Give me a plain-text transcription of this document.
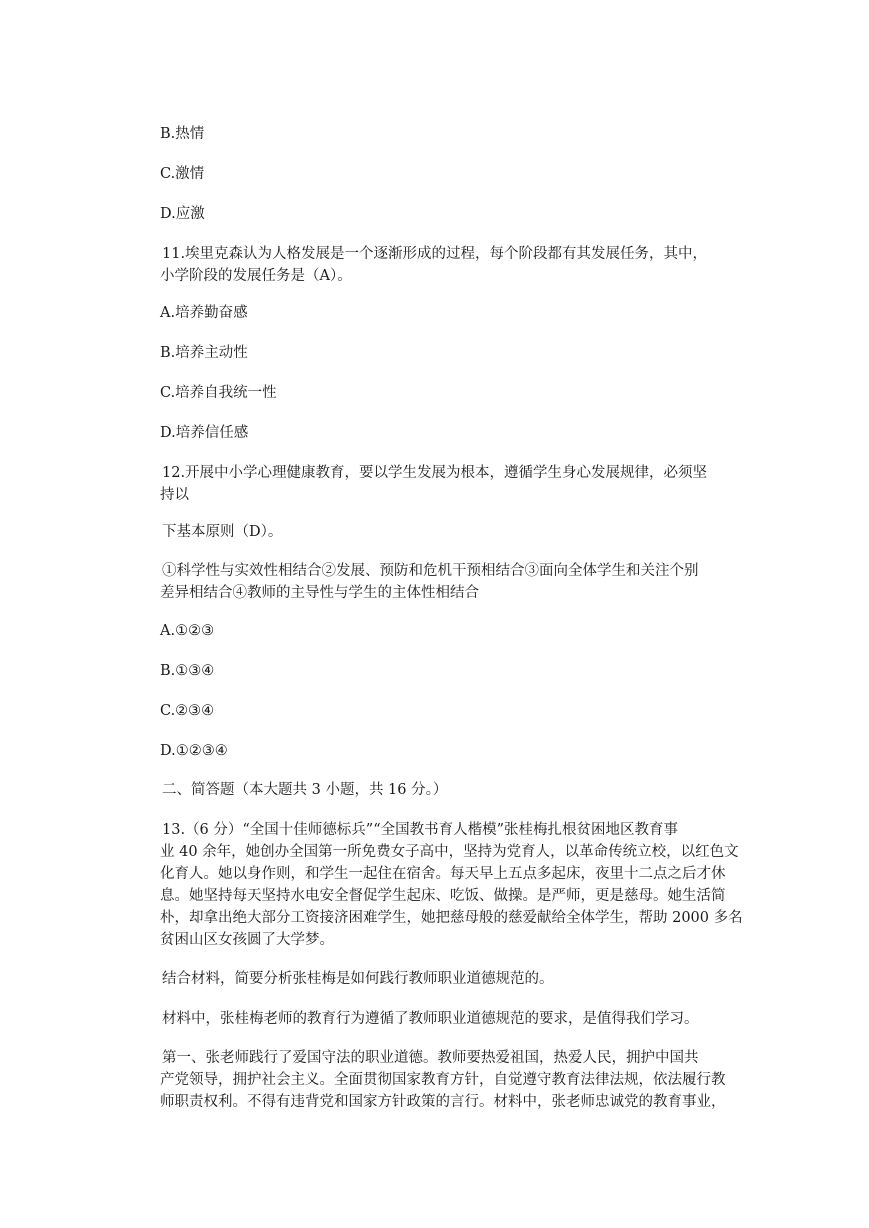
B.热情

C.激情

D.应激

11.埃里克森认为人格发展是一个逐渐形成的过程，每个阶段都有其发展任务，其中，

小学阶段的发展任务是（A）。

A.培养勤奋感

B.培养主动性

C.培养自我统一性

D.培养信任感

12.开展中小学心理健康教育，要以学生发展为根本，遵循学生身心发展规律，必须坚

持以

下基本原则（D）。

①科学性与实效性相结合②发展、预防和危机干预相结合③面向全体学生和关注个别

差异相结合④教师的主导性与学生的主体性相结合

A.①②③

B.①③④

C.②③④

D.①②③④

二、简答题（本大题共 3 小题，共 16 分。）

13.（6 分）“全国十佳师德标兵”“全国教书育人楷模”张桂梅扎根贫困地区教育事

业 40 余年，她创办全国第一所免费女子高中，坚持为党育人，以革命传统立校，以红色文

化育人。她以身作则，和学生一起住在宿舍。每天早上五点多起床，夜里十二点之后才休

息。她坚持每天坚持水电安全督促学生起床、吃饭、做操。是严师，更是慈母。她生活简

朴，却拿出绝大部分工资接济困难学生，她把慈母般的慈爱献给全体学生，帮助 2000 多名

贫困山区女孩圆了大学梦。

结合材料，简要分析张桂梅是如何践行教师职业道德规范的。

材料中，张桂梅老师的教育行为遵循了教师职业道德规范的要求，是值得我们学习。

第一、张老师践行了爱国守法的职业道德。教师要热爱祖国，热爱人民，拥护中国共

产党领导，拥护社会主义。全面贯彻国家教育方针，自觉遵守教育法律法规，依法履行教

师职责权利。不得有违背党和国家方针政策的言行。材料中，张老师忠诚党的教育事业，
